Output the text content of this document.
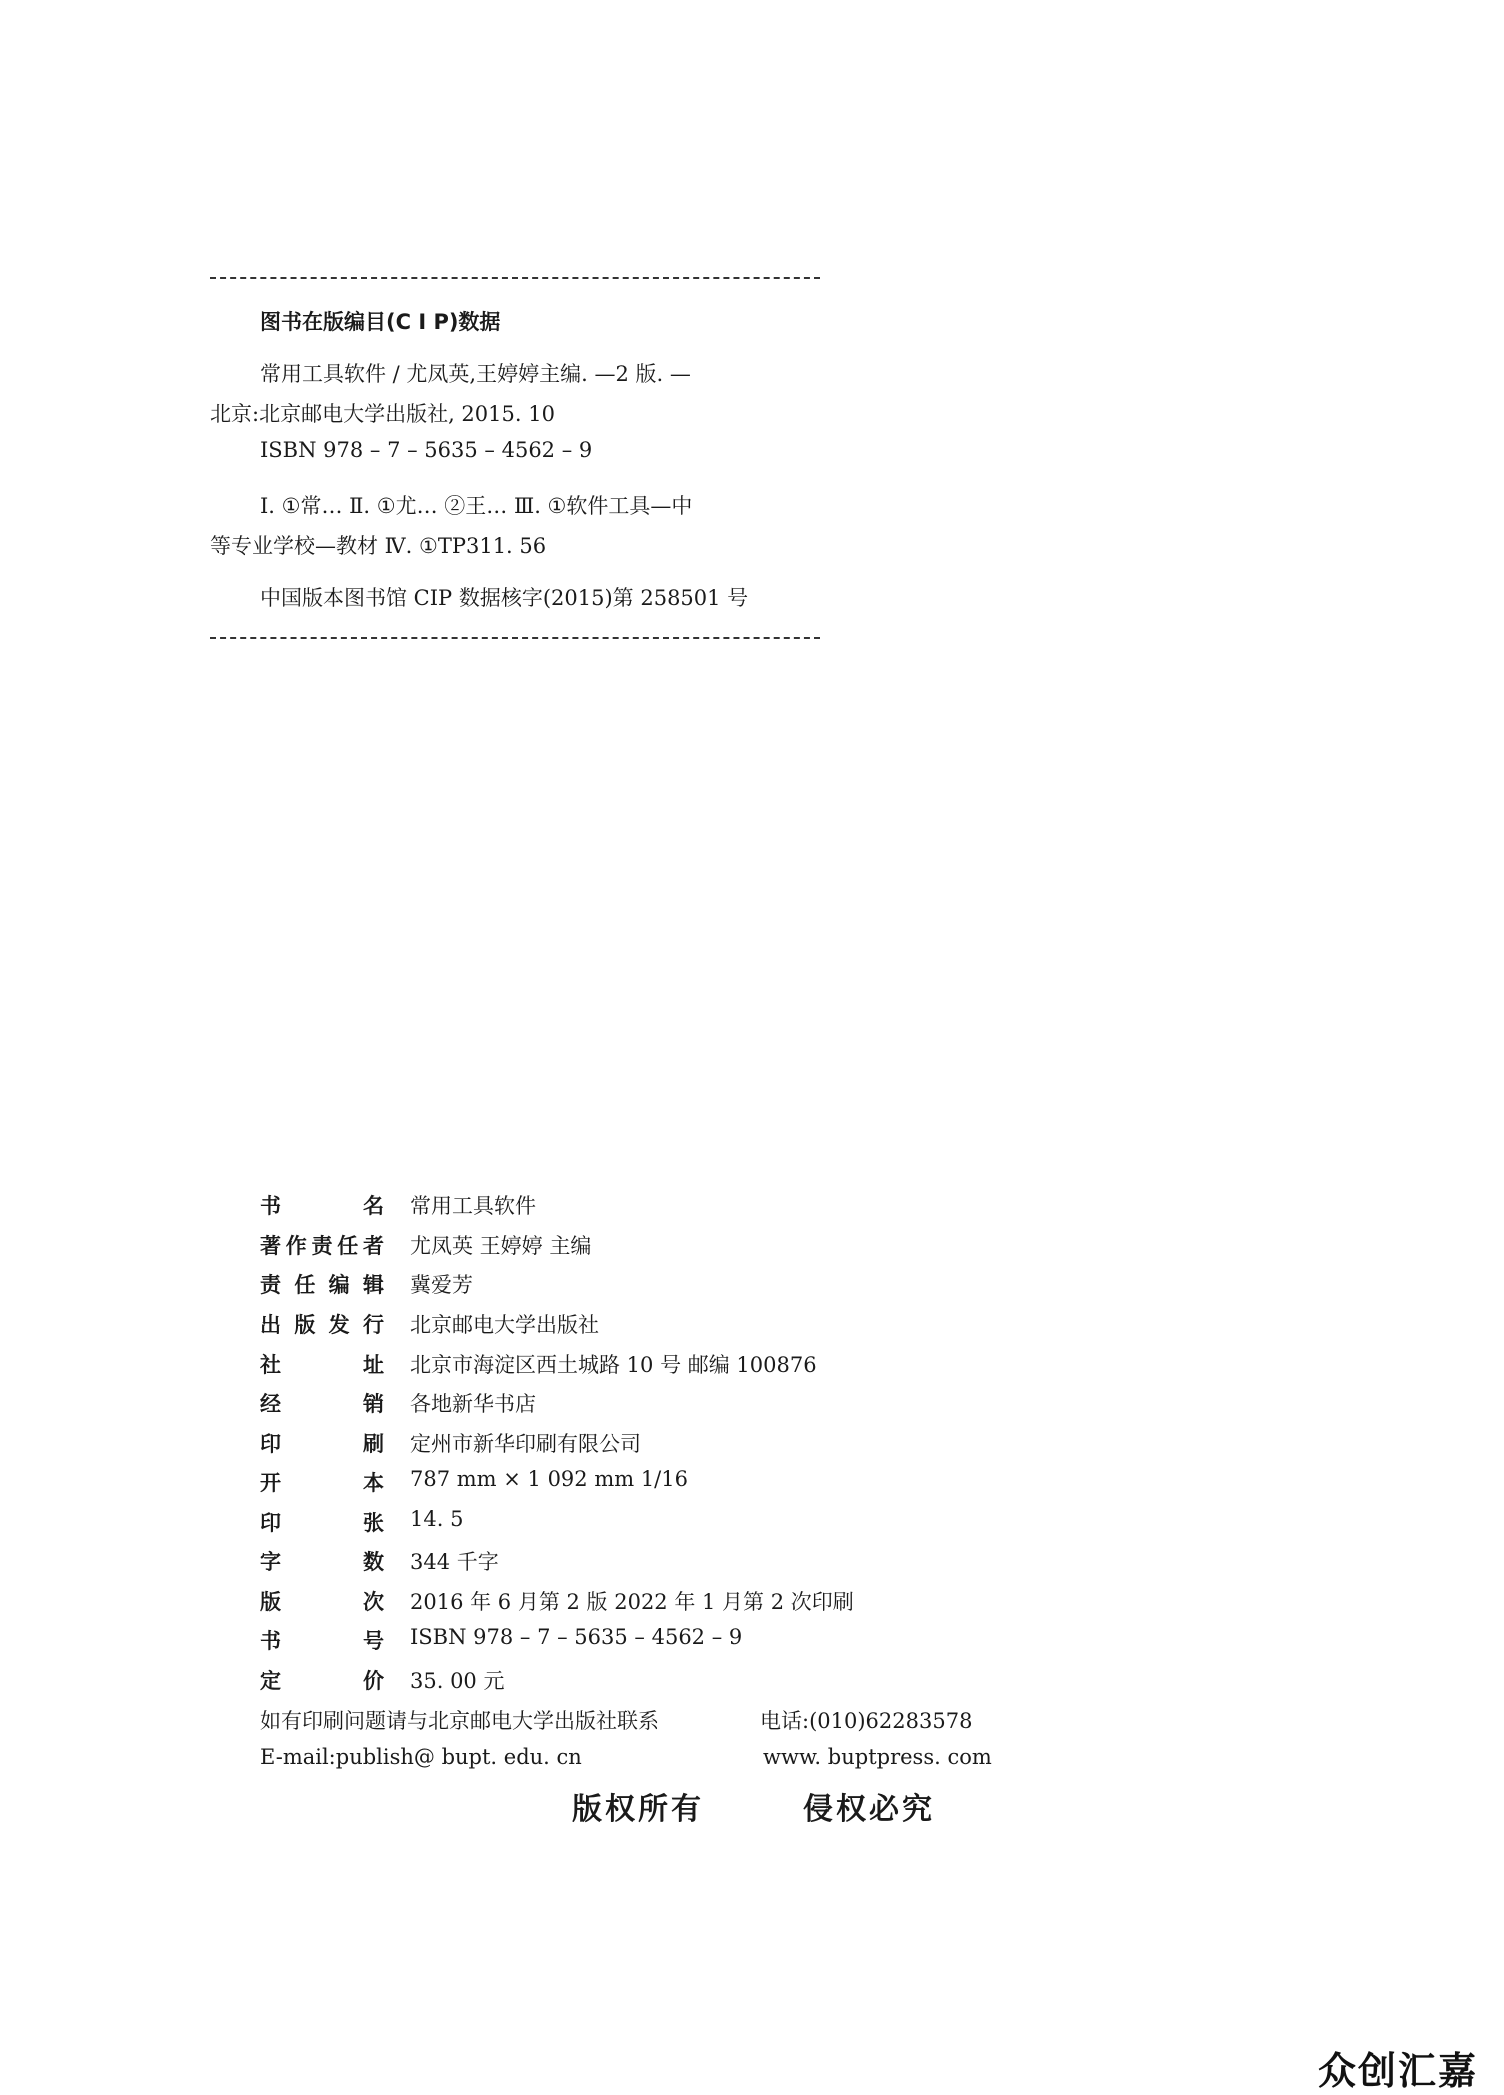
图书在版编目(C I P)数据
常用工具软件 / 尤凤英,王婷婷主编. —2 版. —
北京:北京邮电大学出版社, 2015. 10
ISBN 978 – 7 – 5635 – 4562 – 9
Ⅰ. ①常… Ⅱ. ①尤… ②王… Ⅲ. ①软件工具—中
等专业学校—教材 Ⅳ. ①TP311. 56
中国版本图书馆 CIP 数据核字(2015)第 258501 号
书名 常用工具软件
著作责任者 尤凤英 王婷婷 主编
责任编辑 冀爱芳
出版发行 北京邮电大学出版社
社址 北京市海淀区西土城路 10 号 邮编 100876
经销 各地新华书店
印刷 定州市新华印刷有限公司
开本 787 mm × 1 092 mm 1/16
印张 14. 5
字数 344 千字
版次 2016 年 6 月第 2 版 2022 年 1 月第 2 次印刷
书号 ISBN 978 – 7 – 5635 – 4562 – 9
定价 35. 00 元
如有印刷问题请与北京邮电大学出版社联系	电话:(010)62283578
E-mail:publish@ bupt. edu. cn	www. buptpress. com
版权所有	侵权必究
众创汇嘉
